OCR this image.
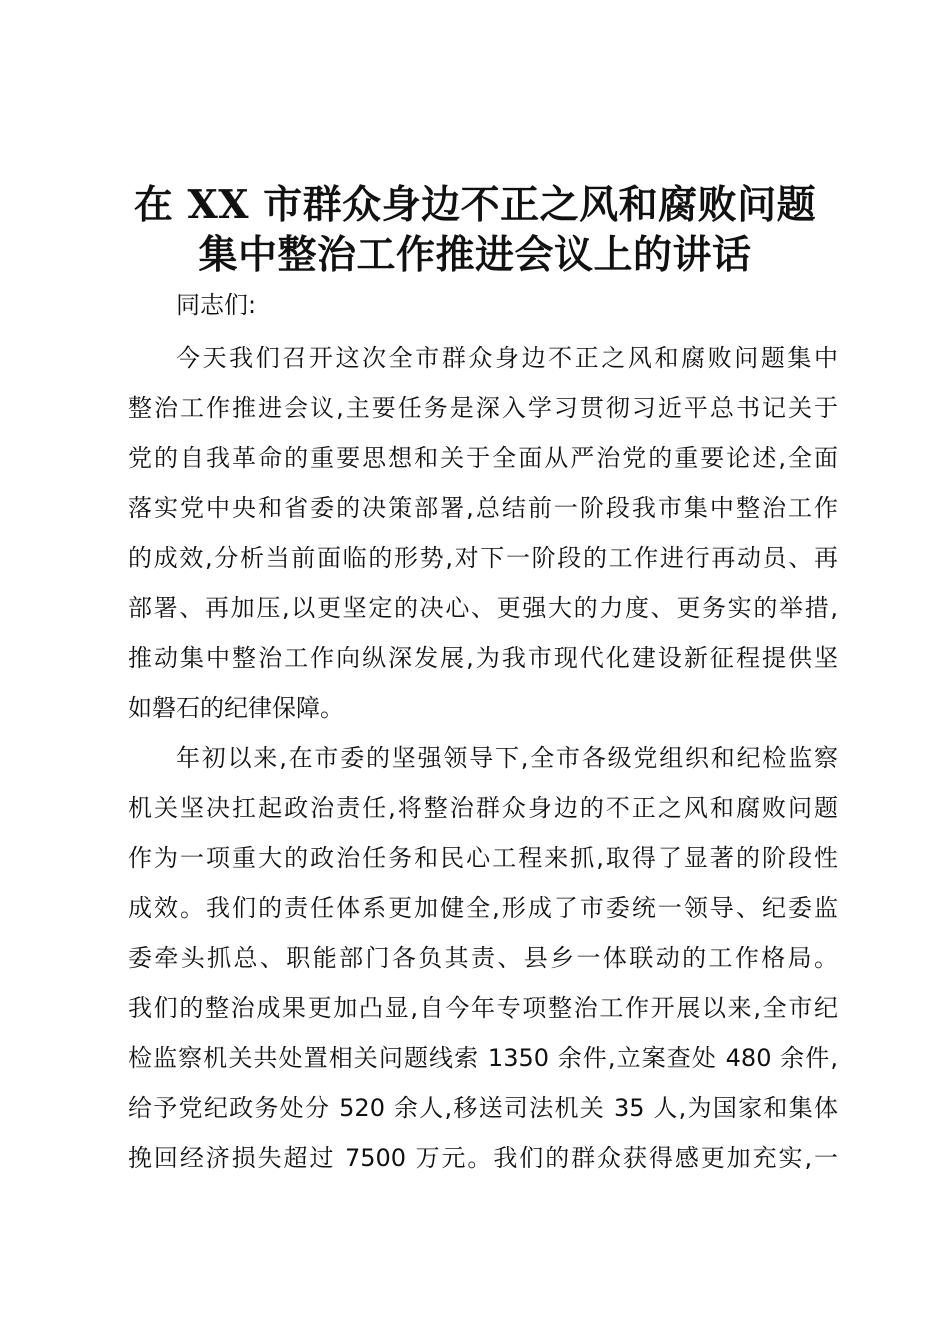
在 XX 市群众身边不正之风和腐败问题
集中整治工作推进会议上的讲话
同志们:
今天我们召开这次全市群众身边不正之风和腐败问题集中
整治工作推进会议,主要任务是深入学习贯彻习近平总书记关于
党的自我革命的重要思想和关于全面从严治党的重要论述,全面
落实党中央和省委的决策部署,总结前一阶段我市集中整治工作
的成效,分析当前面临的形势,对下一阶段的工作进行再动员、再
部署、再加压,以更坚定的决心、更强大的力度、更务实的举措,
推动集中整治工作向纵深发展,为我市现代化建设新征程提供坚
如磐石的纪律保障。
年初以来,在市委的坚强领导下,全市各级党组织和纪检监察
机关坚决扛起政治责任,将整治群众身边的不正之风和腐败问题
作为一项重大的政治任务和民心工程来抓,取得了显著的阶段性
成效。我们的责任体系更加健全,形成了市委统一领导、纪委监
委牵头抓总、职能部门各负其责、县乡一体联动的工作格局。
我们的整治成果更加凸显,自今年专项整治工作开展以来,全市纪
检监察机关共处置相关问题线索 1350 余件,立案查处 480 余件,
给予党纪政务处分 520 余人,移送司法机关 35 人,为国家和集体
挽回经济损失超过 7500 万元。我们的群众获得感更加充实,一
